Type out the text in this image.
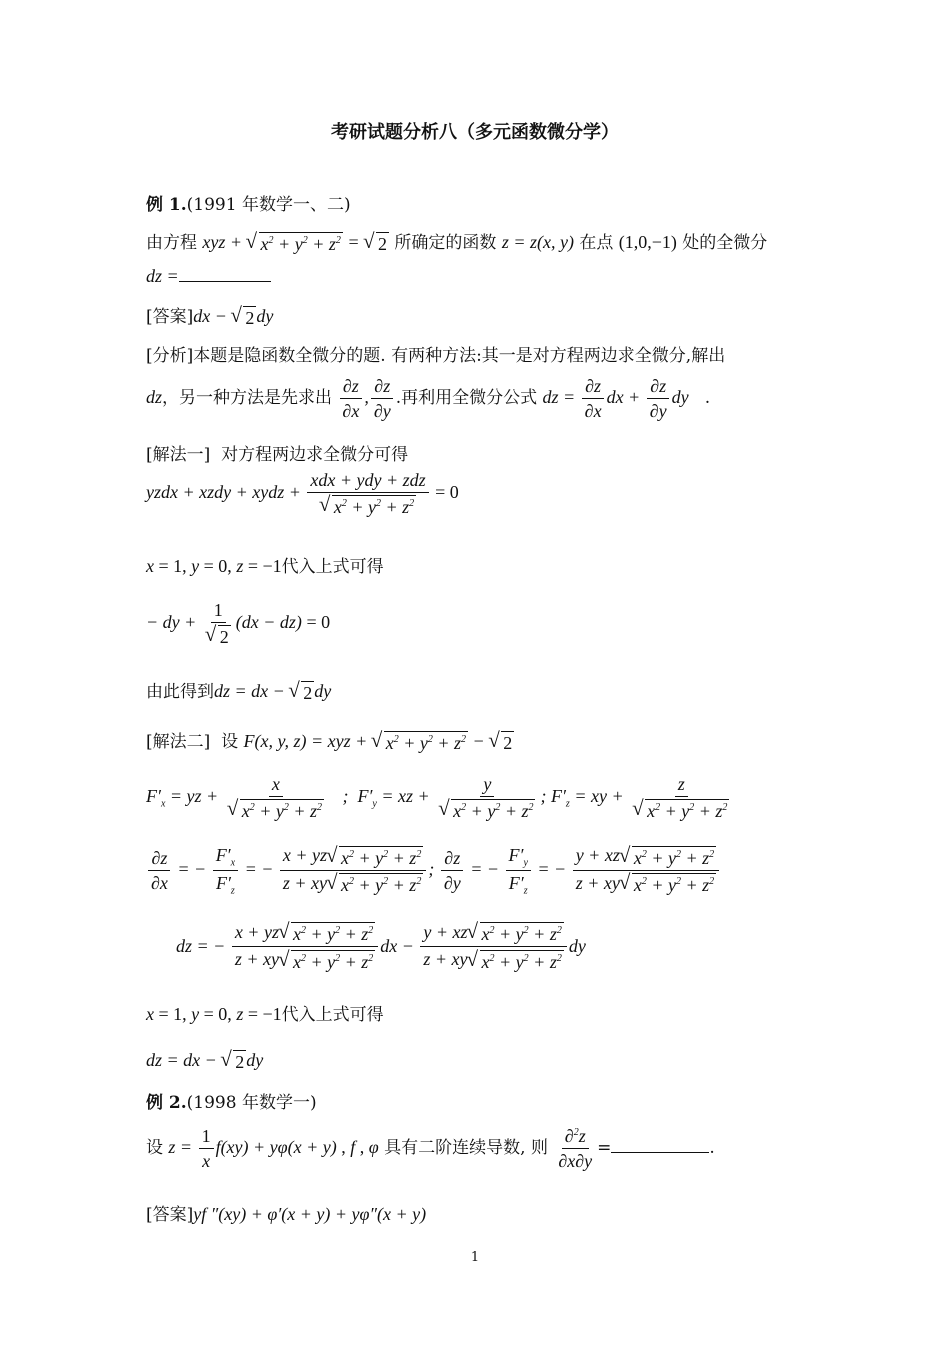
考研试题分析八（多元函数微分学）
例 1.(1991 年数学一、二)
由方程 xyz + √ $x^2 + y^2 + z^2$ = √ 2 所确定的函数 z = z(x, y) 在点 (1,0,−1) 处的全微分
dz =
[答案]dx − √ 2 dy
[分析]本题是隐函数全微分的题. 有两种方法:其一是对方程两边求全微分,解出
dz，另一种方法是先求出 $\frac{\partial z}{\partial x}$ , $\frac{\partial z}{\partial y}$ .再利用全微分公式 dz = $\frac{\partial z}{\partial x}$ dx + $\frac{\partial z}{\partial y}$ dy   .
[解法一] 对方程两边求全微分可得
yzdx + xzdy + xydz + xdx + ydy + zdz
√ $x^2 + y^2 + z^2 = 0$
x = 1, y = 0, z = −1代入上式可得
− dy + 1
√ 2 (dx − dz) = 0
由此得到dz = dx − √ 2 dy
[解法二] 设 F(x, y, z) = xyz + √ $x^2 + y^2 + z^2$ − √ 2
$F'_x$ = yz + x
√ $x^2 + y^2 + z^2$ ;  $F'_y$ = xz + y
√ $x^2 + y^2 + z^2$ ; $F'_z$ = xy + z
√ $x^2 + y^2 + z^2$
$\frac{\partial z}{\partial x}$ = − $\frac{F'_x}{F'_z}$ = − $\frac{x + yz √ x^2 + y^2 + z^2}{z + xy √ x^2 + y^2 + z^2}$ ; $\frac{\partial z}{\partial y}$ = − $\frac{F'_y}{F'_z}$ = − $\frac{y + xz √ x^2 + y^2 + z^2}{z + xy √ x^2 + y^2 + z^2}$
dz = − $\frac{x + yz √ x^2 + y^2 + z^2}{z + xy √ x^2 + y^2 + z^2}$ dx − $\frac{y + xz √ x^2 + y^2 + z^2}{z + xy √ x^2 + y^2 + z^2}$ dy
x = 1, y = 0, z = −1代入上式可得
dz = dx − √ 2 dy
例 2.(1998 年数学一)
设 $z = \frac{1}{x} f(xy) + y\varphi(x + y)$ , f , φ 具有二阶连续导数, 则 $\frac{\partial^2z}{\partial x\partial y}$ =	.
[答案]yf ″(xy) + φ′(x + y) + yφ″(x + y)
1
